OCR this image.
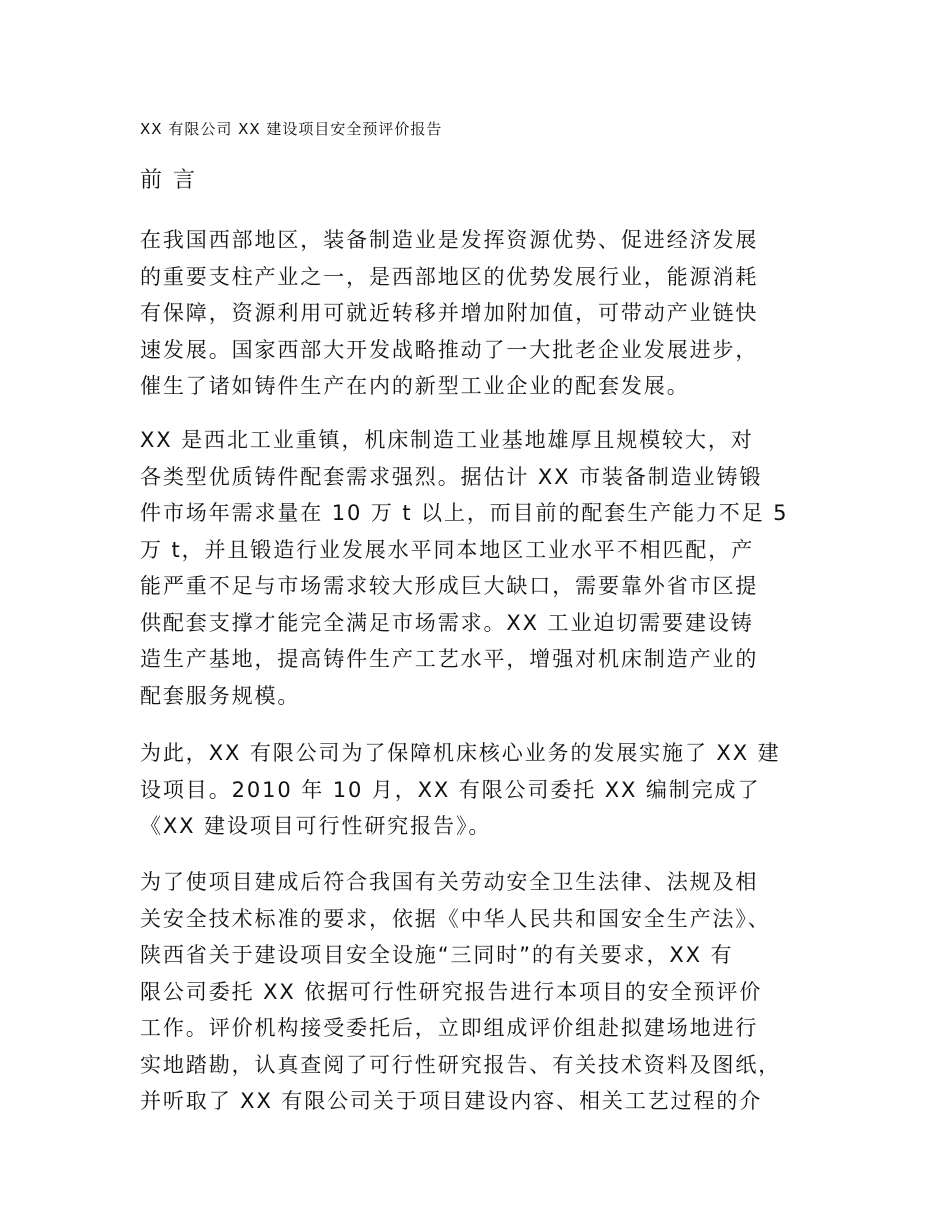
XX 有限公司 XX 建设项目安全预评价报告
前 言
在我国西部地区，装备制造业是发挥资源优势、促进经济发展
的重要支柱产业之一，是西部地区的优势发展行业，能源消耗
有保障，资源利用可就近转移并增加附加值，可带动产业链快
速发展。国家西部大开发战略推动了一大批老企业发展进步，
催生了诸如铸件生产在内的新型工业企业的配套发展。
XX 是西北工业重镇，机床制造工业基地雄厚且规模较大，对
各类型优质铸件配套需求强烈。据估计 XX 市装备制造业铸锻
件市场年需求量在 10 万 t 以上，而目前的配套生产能力不足 5
万 t，并且锻造行业发展水平同本地区工业水平不相匹配，产
能严重不足与市场需求较大形成巨大缺口，需要靠外省市区提
供配套支撑才能完全满足市场需求。XX 工业迫切需要建设铸
造生产基地，提高铸件生产工艺水平，增强对机床制造产业的
配套服务规模。
为此，XX 有限公司为了保障机床核心业务的发展实施了 XX 建
设项目。2010 年 10 月，XX 有限公司委托 XX 编制完成了
《XX 建设项目可行性研究报告》。
为了使项目建成后符合我国有关劳动安全卫生法律、法规及相
关安全技术标准的要求，依据《中华人民共和国安全生产法》、
陕西省关于建设项目安全设施“三同时”的有关要求，XX 有
限公司委托 XX 依据可行性研究报告进行本项目的安全预评价
工作。评价机构接受委托后，立即组成评价组赴拟建场地进行
实地踏勘，认真查阅了可行性研究报告、有关技术资料及图纸，
并听取了 XX 有限公司关于项目建设内容、相关工艺过程的介
